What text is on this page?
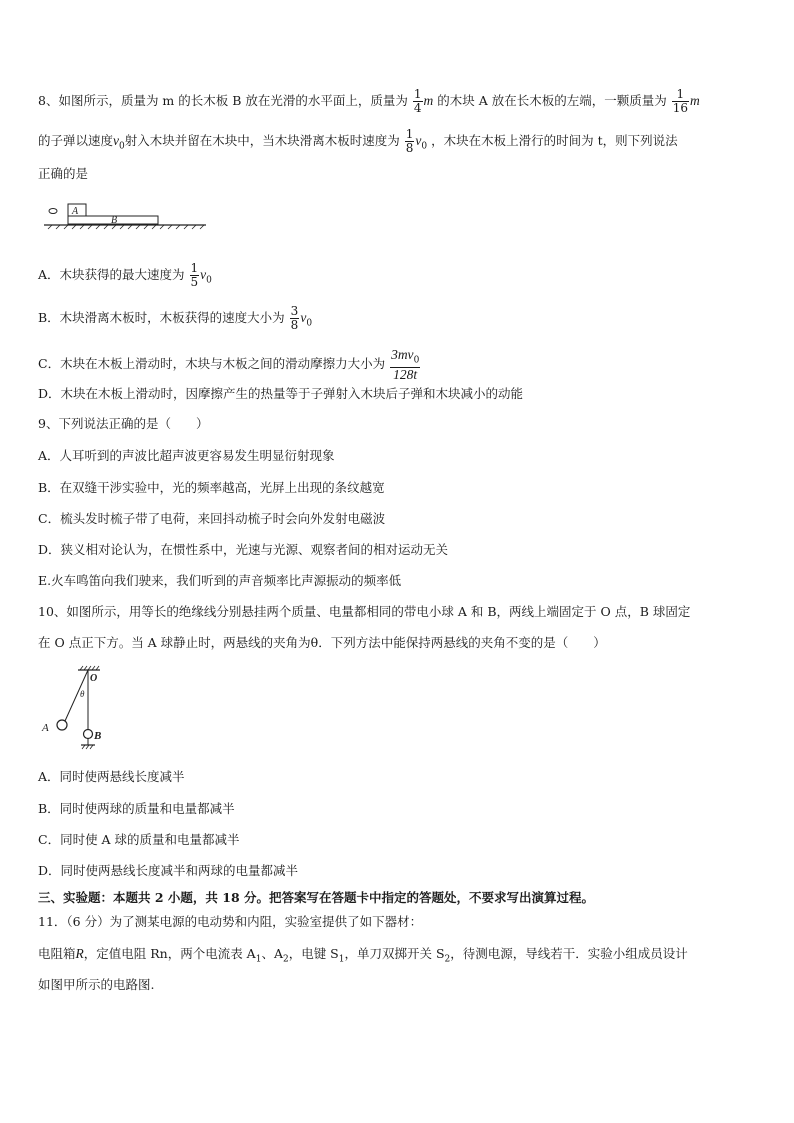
8、如图所示，质量为 m 的长木板 B 放在光滑的水平面上，质量为 $\frac{1}{4}$ m 的木块 A 放在长木板的左端，一颗质量为 $\frac{1}{16}$ m
的子弹以速度$v_0$射入木块并留在木块中，当木块滑离木板时速度为 $\frac{1}{8} v_0$ ，木块在木板上滑行的时间为 t，则下列说法
正确的是
A
B
A．木块获得的最大速度为 $\frac{1}{5} v_0$
B．木块滑离木板时，木板获得的速度大小为 $\frac{3}{8} v_0$
C．木块在木板上滑动时，木块与木板之间的滑动摩擦力大小为 $\frac{3mv_0}{128t}$
D．木块在木板上滑动时，因摩擦产生的热量等于子弹射入木块后子弹和木块减小的动能
9、下列说法正确的是（　　）
A．人耳听到的声波比超声波更容易发生明显衍射现象
B．在双缝干涉实验中，光的频率越高，光屏上出现的条纹越宽
C．梳头发时梳子带了电荷，来回抖动梳子时会向外发射电磁波
D．狭义相对论认为，在惯性系中，光速与光源、观察者间的相对运动无关
E.火车鸣笛向我们驶来，我们听到的声音频率比声源振动的频率低
10、如图所示，用等长的绝缘线分别悬挂两个质量、电量都相同的带电小球 A 和 B，两线上端固定于 O 点，B 球固定
在 O 点正下方。当 A 球静止时，两悬线的夹角为θ．下列方法中能保持两悬线的夹角不变的是（　　）
O
θ
A
B
A．同时使两悬线长度减半
B．同时使两球的质量和电量都减半
C．同时使 A 球的质量和电量都减半
D．同时使两悬线长度减半和两球的电量都减半
三、实验题：本题共 2 小题，共 18 分。把答案写在答题卡中指定的答题处，不要求写出演算过程。
11．（6 分）为了测某电源的电动势和内阻，实验室提供了如下器材：
电阻箱R，定值电阻 Rn，两个电流表 $A_1$、$A_2$，电键 $S_1$，单刀双掷开关 $S_2$，待测电源，导线若干．实验小组成员设计
如图甲所示的电路图.
